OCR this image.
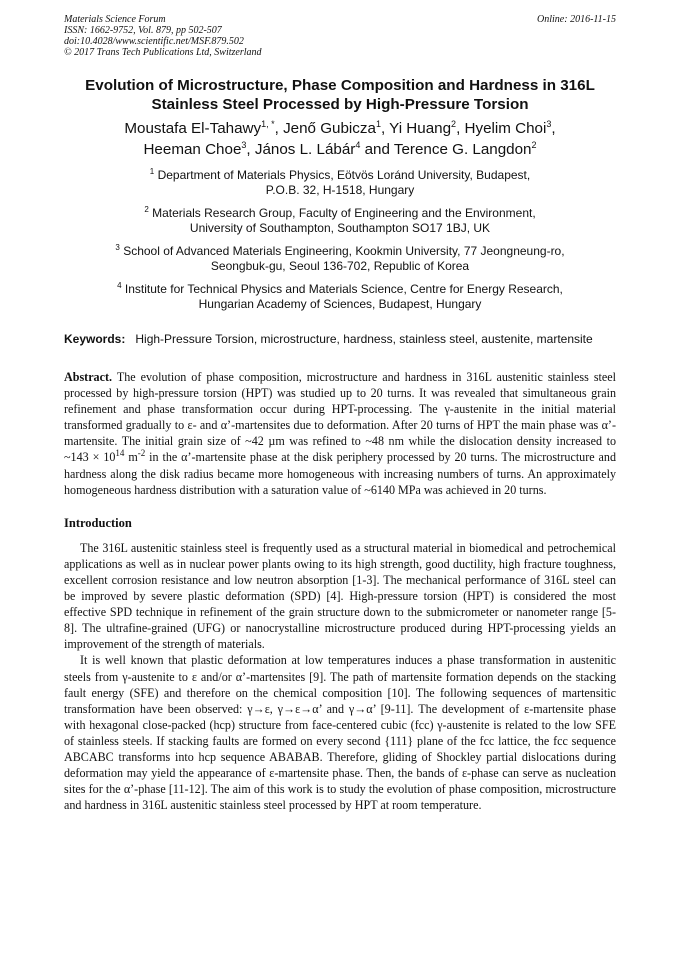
Materials Science Forum
ISSN: 1662-9752, Vol. 879, pp 502-507
doi:10.4028/www.scientific.net/MSF.879.502
© 2017 Trans Tech Publications Ltd, Switzerland
Online: 2016-11-15
Evolution of Microstructure, Phase Composition and Hardness in 316L
Stainless Steel Processed by High-Pressure Torsion
Moustafa El-Tahawy$^{1, *}$, Jenő Gubicza$^1$, Yi Huang$^2$, Hyelim Choi$^3$,
Heeman Choe$^3$, János L. Lábár$^4$ and Terence G. Langdon$^2$
$^1$ Department of Materials Physics, Eötvös Loránd University, Budapest,
P.O.B. 32, H-1518, Hungary
$^2$ Materials Research Group, Faculty of Engineering and the Environment,
University of Southampton, Southampton SO17 1BJ, UK
$^3$ School of Advanced Materials Engineering, Kookmin University, 77 Jeongneung-ro,
Seongbuk-gu, Seoul 136-702, Republic of Korea
$^4$ Institute for Technical Physics and Materials Science, Centre for Energy Research,
Hungarian Academy of Sciences, Budapest, Hungary
Keywords: High-Pressure Torsion, microstructure, hardness, stainless steel, austenite, martensite
Abstract. The evolution of phase composition, microstructure and hardness in 316L austenitic stainless steel processed by high-pressure torsion (HPT) was studied up to 20 turns. It was revealed that simultaneous grain refinement and phase transformation occur during HPT-processing. The γ-austenite in the initial material transformed gradually to ε- and α’-martensites due to deformation. After 20 turns of HPT the main phase was α’-martensite. The initial grain size of ~42 µm was refined to ~48 nm while the dislocation density increased to ~143 × $10^{14}$ $m^{-2}$ in the α’-martensite phase at the disk periphery processed by 20 turns. The microstructure and hardness along the disk radius became more homogeneous with increasing numbers of turns. An approximately homogeneous hardness distribution with a saturation value of ~6140 MPa was achieved in 20 turns.
Introduction

The 316L austenitic stainless steel is frequently used as a structural material in biomedical and petrochemical applications as well as in nuclear power plants owing to its high strength, good ductility, high fracture toughness, excellent corrosion resistance and low neutron absorption [1-3]. The mechanical performance of 316L steel can be improved by severe plastic deformation (SPD) [4]. High-pressure torsion (HPT) is considered the most effective SPD technique in refinement of the grain structure down to the submicrometer or nanometer range [5-8]. The ultrafine-grained (UFG) or nanocrystalline microstructure produced during HPT-processing yields an improvement of the strength of materials.

It is well known that plastic deformation at low temperatures induces a phase transformation in austenitic steels from γ-austenite to ε and/or α’-martensites [9]. The path of martensite formation depends on the stacking fault energy (SFE) and therefore on the chemical composition [10]. The following sequences of martensitic transformation have been observed: γ→ε, γ→ε→α’ and γ→α’ [9-11]. The development of ε-martensite phase with hexagonal close-packed (hcp) structure from face-centered cubic (fcc) γ-austenite is related to the low SFE of stainless steels. If stacking faults are formed on every second {111} plane of the fcc lattice, the fcc sequence ABCABC transforms into hcp sequence ABABAB. Therefore, gliding of Shockley partial dislocations during deformation may yield the appearance of ε-martensite phase. Then, the bands of ε-phase can serve as nucleation sites for the α’-phase [11-12]. The aim of this work is to study the evolution of phase composition, microstructure and hardness in 316L austenitic stainless steel processed by HPT at room temperature.
